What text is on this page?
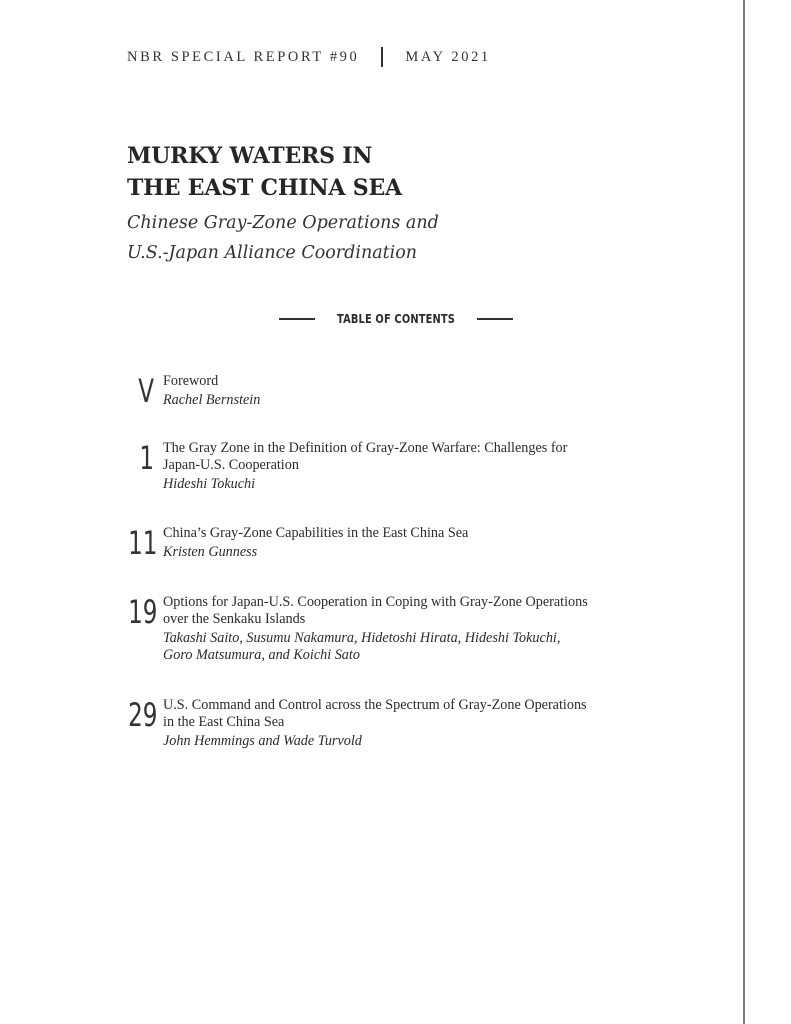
NBR SPECIAL REPORT #90	MAY 2021
MURKY WATERS IN
THE EAST CHINA SEA
Chinese Gray-Zone Operations and
U.S.-Japan Alliance Coordination
TABLE OF CONTENTS
V Foreword
Rachel Bernstein
1 The Gray Zone in the Definition of Gray-Zone Warfare: Challenges for
Japan-U.S. Cooperation
Hideshi Tokuchi
11 China’s Gray-Zone Capabilities in the East China Sea
Kristen Gunness
19 Options for Japan-U.S. Cooperation in Coping with Gray-Zone Operations
over the Senkaku Islands
Takashi Saito, Susumu Nakamura, Hidetoshi Hirata, Hideshi Tokuchi,
Goro Matsumura, and Koichi Sato
29 U.S. Command and Control across the Spectrum of Gray-Zone Operations
in the East China Sea
John Hemmings and Wade Turvold
